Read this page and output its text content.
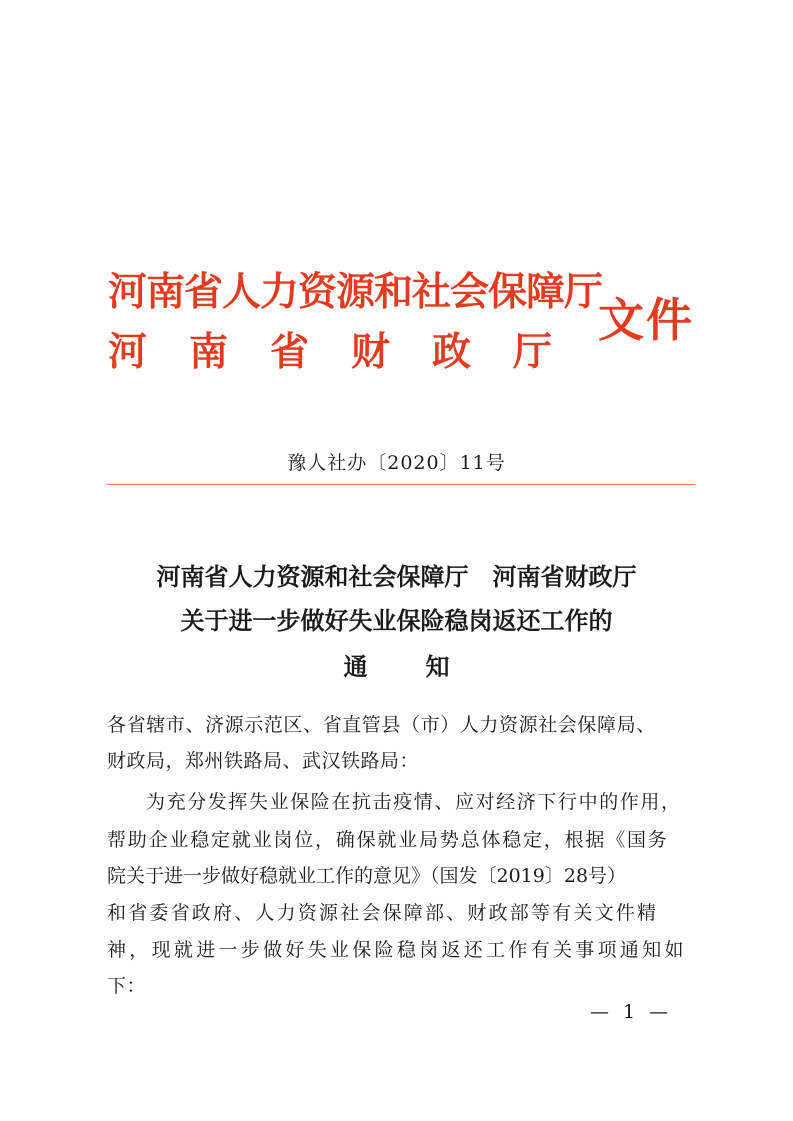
河南省人力资源和社会保障厅
河南省财政厅
文件
豫人社办〔2020〕11号
河南省人力资源和社会保障厅　河南省财政厅
关于进一步做好失业保险稳岗返还工作的
通知
各省辖市、济源示范区、省直管县（市）人力资源社会保障局、
财政局，郑州铁路局、武汉铁路局：
为充分发挥失业保险在抗击疫情、应对经济下行中的作用，
帮助企业稳定就业岗位，确保就业局势总体稳定，根据《国务
院关于进一步做好稳就业工作的意见》（国发〔2019〕28号）
和省委省政府、人力资源社会保障部、财政部等有关文件精
神，现就进一步做好失业保险稳岗返还工作有关事项通知如
下：
— 1 —
